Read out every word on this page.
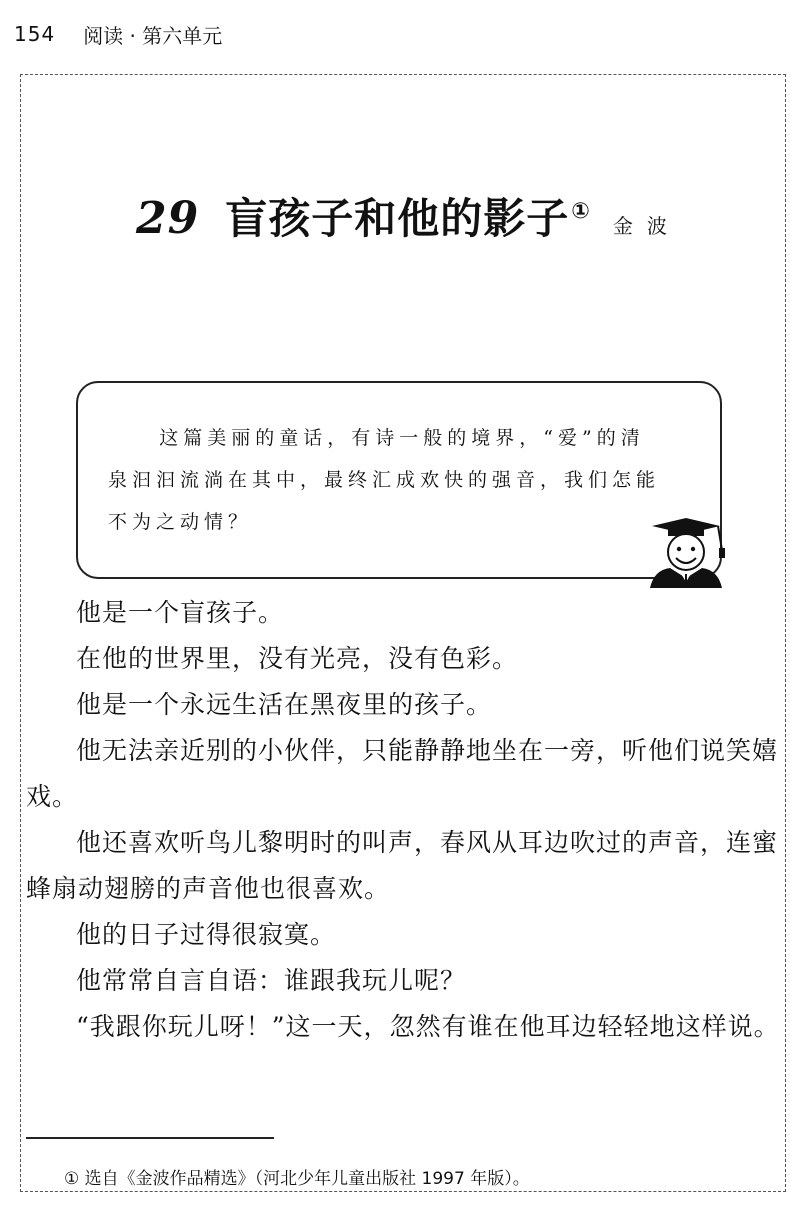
154 阅读 · 第六单元
29 盲孩子和他的影子①
金波

这篇美丽的童话，有诗一般的境界，“爱”的清泉汩汩流淌在其中，最终汇成欢快的强音，我们怎能不为之动情？

他是一个盲孩子。

在他的世界里，没有光亮，没有色彩。

他是一个永远生活在黑夜里的孩子。

他无法亲近别的小伙伴，只能静静地坐在一旁，听他们说笑嬉戏。

他还喜欢听鸟儿黎明时的叫声，春风从耳边吹过的声音，连蜜蜂扇动翅膀的声音他也很喜欢。

他的日子过得很寂寞。

他常常自言自语：谁跟我玩儿呢？

“我跟你玩儿呀！”这一天，忽然有谁在他耳边轻轻地这样说。

① 选自《金波作品精选》（河北少年儿童出版社 1997 年版）。
